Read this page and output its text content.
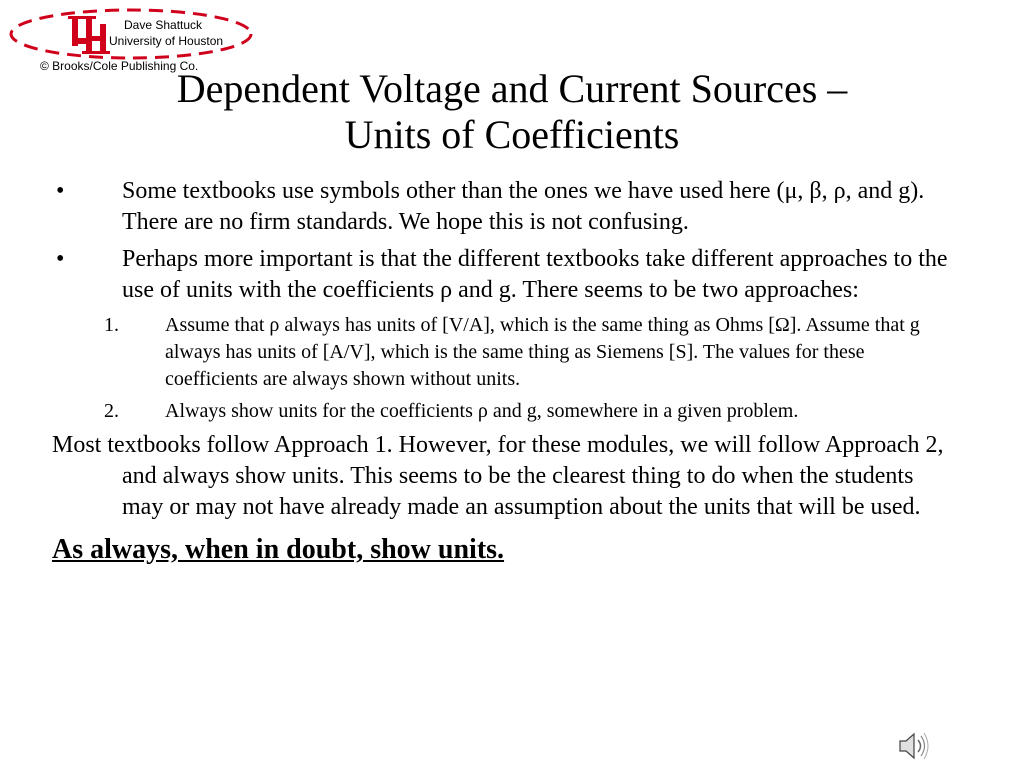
Dave Shattuck
University of Houston
© Brooks/Cole Publishing Co.
Dependent Voltage and Current Sources –
Units of Coefficients
• Some textbooks use symbols other than the ones we have used here (μ, β, ρ, and g). There are no firm standards. We hope this is not confusing.
• Perhaps more important is that the different textbooks take different approaches to the use of units with the coefficients ρ and g. There seems to be two approaches:
1. Assume that ρ always has units of [V/A], which is the same thing as Ohms [Ω]. Assume that g always has units of [A/V], which is the same thing as Siemens [S]. The values for these coefficients are always shown without units.
2. Always show units for the coefficients ρ and g, somewhere in a given problem.
Most textbooks follow Approach 1. However, for these modules, we will follow Approach 2, and always show units. This seems to be the clearest thing to do when the students may or may not have already made an assumption about the units that will be used.
As always, when in doubt, show units.
